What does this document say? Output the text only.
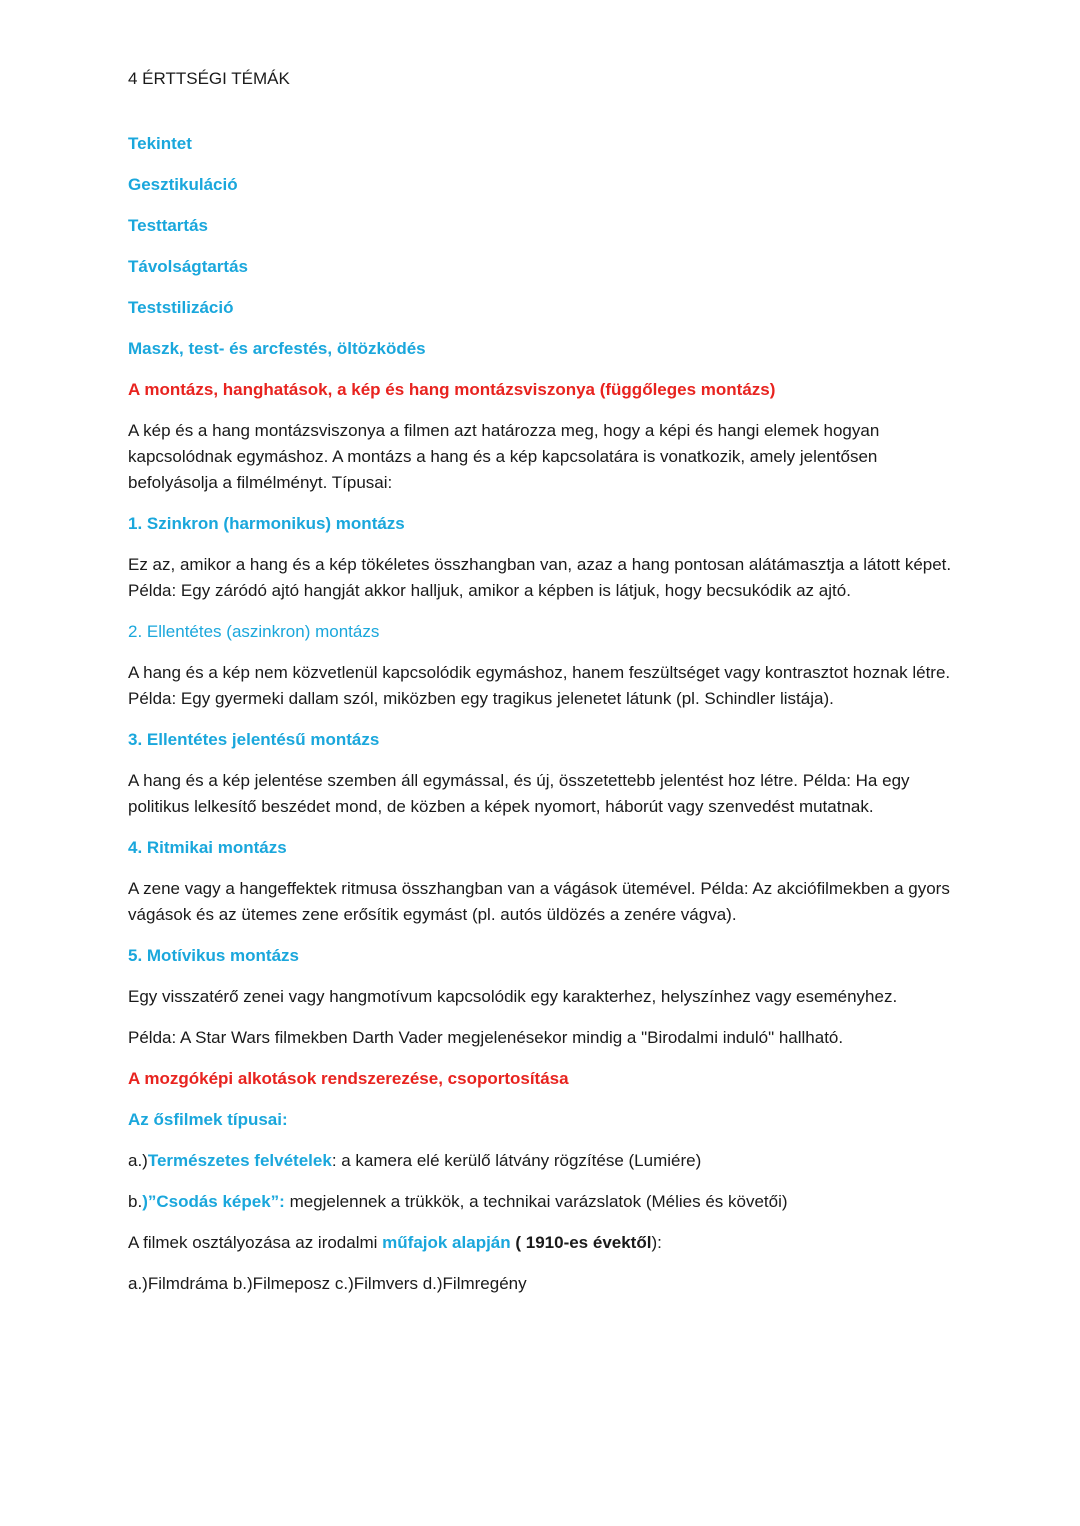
4 ÉRTTSÉGI TÉMÁK

Tekintet

Gesztikuláció

Testtartás

Távolságtartás

Teststilizáció

Maszk, test- és arcfestés, öltözködés

A montázs, hanghatások, a kép és hang montázsviszonya (függőleges montázs)

A kép és a hang montázsviszonya a filmen azt határozza meg, hogy a képi és hangi elemek hogyan kapcsolódnak egymáshoz. A montázs a hang és a kép kapcsolatára is vonatkozik, amely jelentősen befolyásolja a filmélményt. Típusai:

1. Szinkron (harmonikus) montázs

Ez az, amikor a hang és a kép tökéletes összhangban van, azaz a hang pontosan alátámasztja a látott képet. Példa: Egy záródó ajtó hangját akkor halljuk, amikor a képben is látjuk, hogy becsukódik az ajtó.

2. Ellentétes (aszinkron) montázs

A hang és a kép nem közvetlenül kapcsolódik egymáshoz, hanem feszültséget vagy kontrasztot hoznak létre. Példa: Egy gyermeki dallam szól, miközben egy tragikus jelenetet látunk (pl. Schindler listája).

3. Ellentétes jelentésű montázs

A hang és a kép jelentése szemben áll egymással, és új, összetettebb jelentést hoz létre. Példa: Ha egy politikus lelkesítő beszédet mond, de közben a képek nyomort, háborút vagy szenvedést mutatnak.

4. Ritmikai montázs

A zene vagy a hangeffektek ritmusa összhangban van a vágások ütemével. Példa: Az akciófilmekben a gyors vágások és az ütemes zene erősítik egymást (pl. autós üldözés a zenére vágva).

5. Motívikus montázs

Egy visszatérő zenei vagy hangmotívum kapcsolódik egy karakterhez, helyszínhez vagy eseményhez.

Példa: A Star Wars filmekben Darth Vader megjelenésekor mindig a "Birodalmi induló" hallható.

A mozgóképi alkotások rendszerezése, csoportosítása

Az ősfilmek típusai:

a.)Természetes felvételek: a kamera elé kerülő látvány rögzítése (Lumiére)

b.)”Csodás képek”: megjelennek a trükkök, a technikai varázslatok (Mélies és követői)

A filmek osztályozása az irodalmi műfajok alapján ( 1910-es évektől):

a.)Filmdráma b.)Filmeposz c.)Filmvers d.)Filmregény
